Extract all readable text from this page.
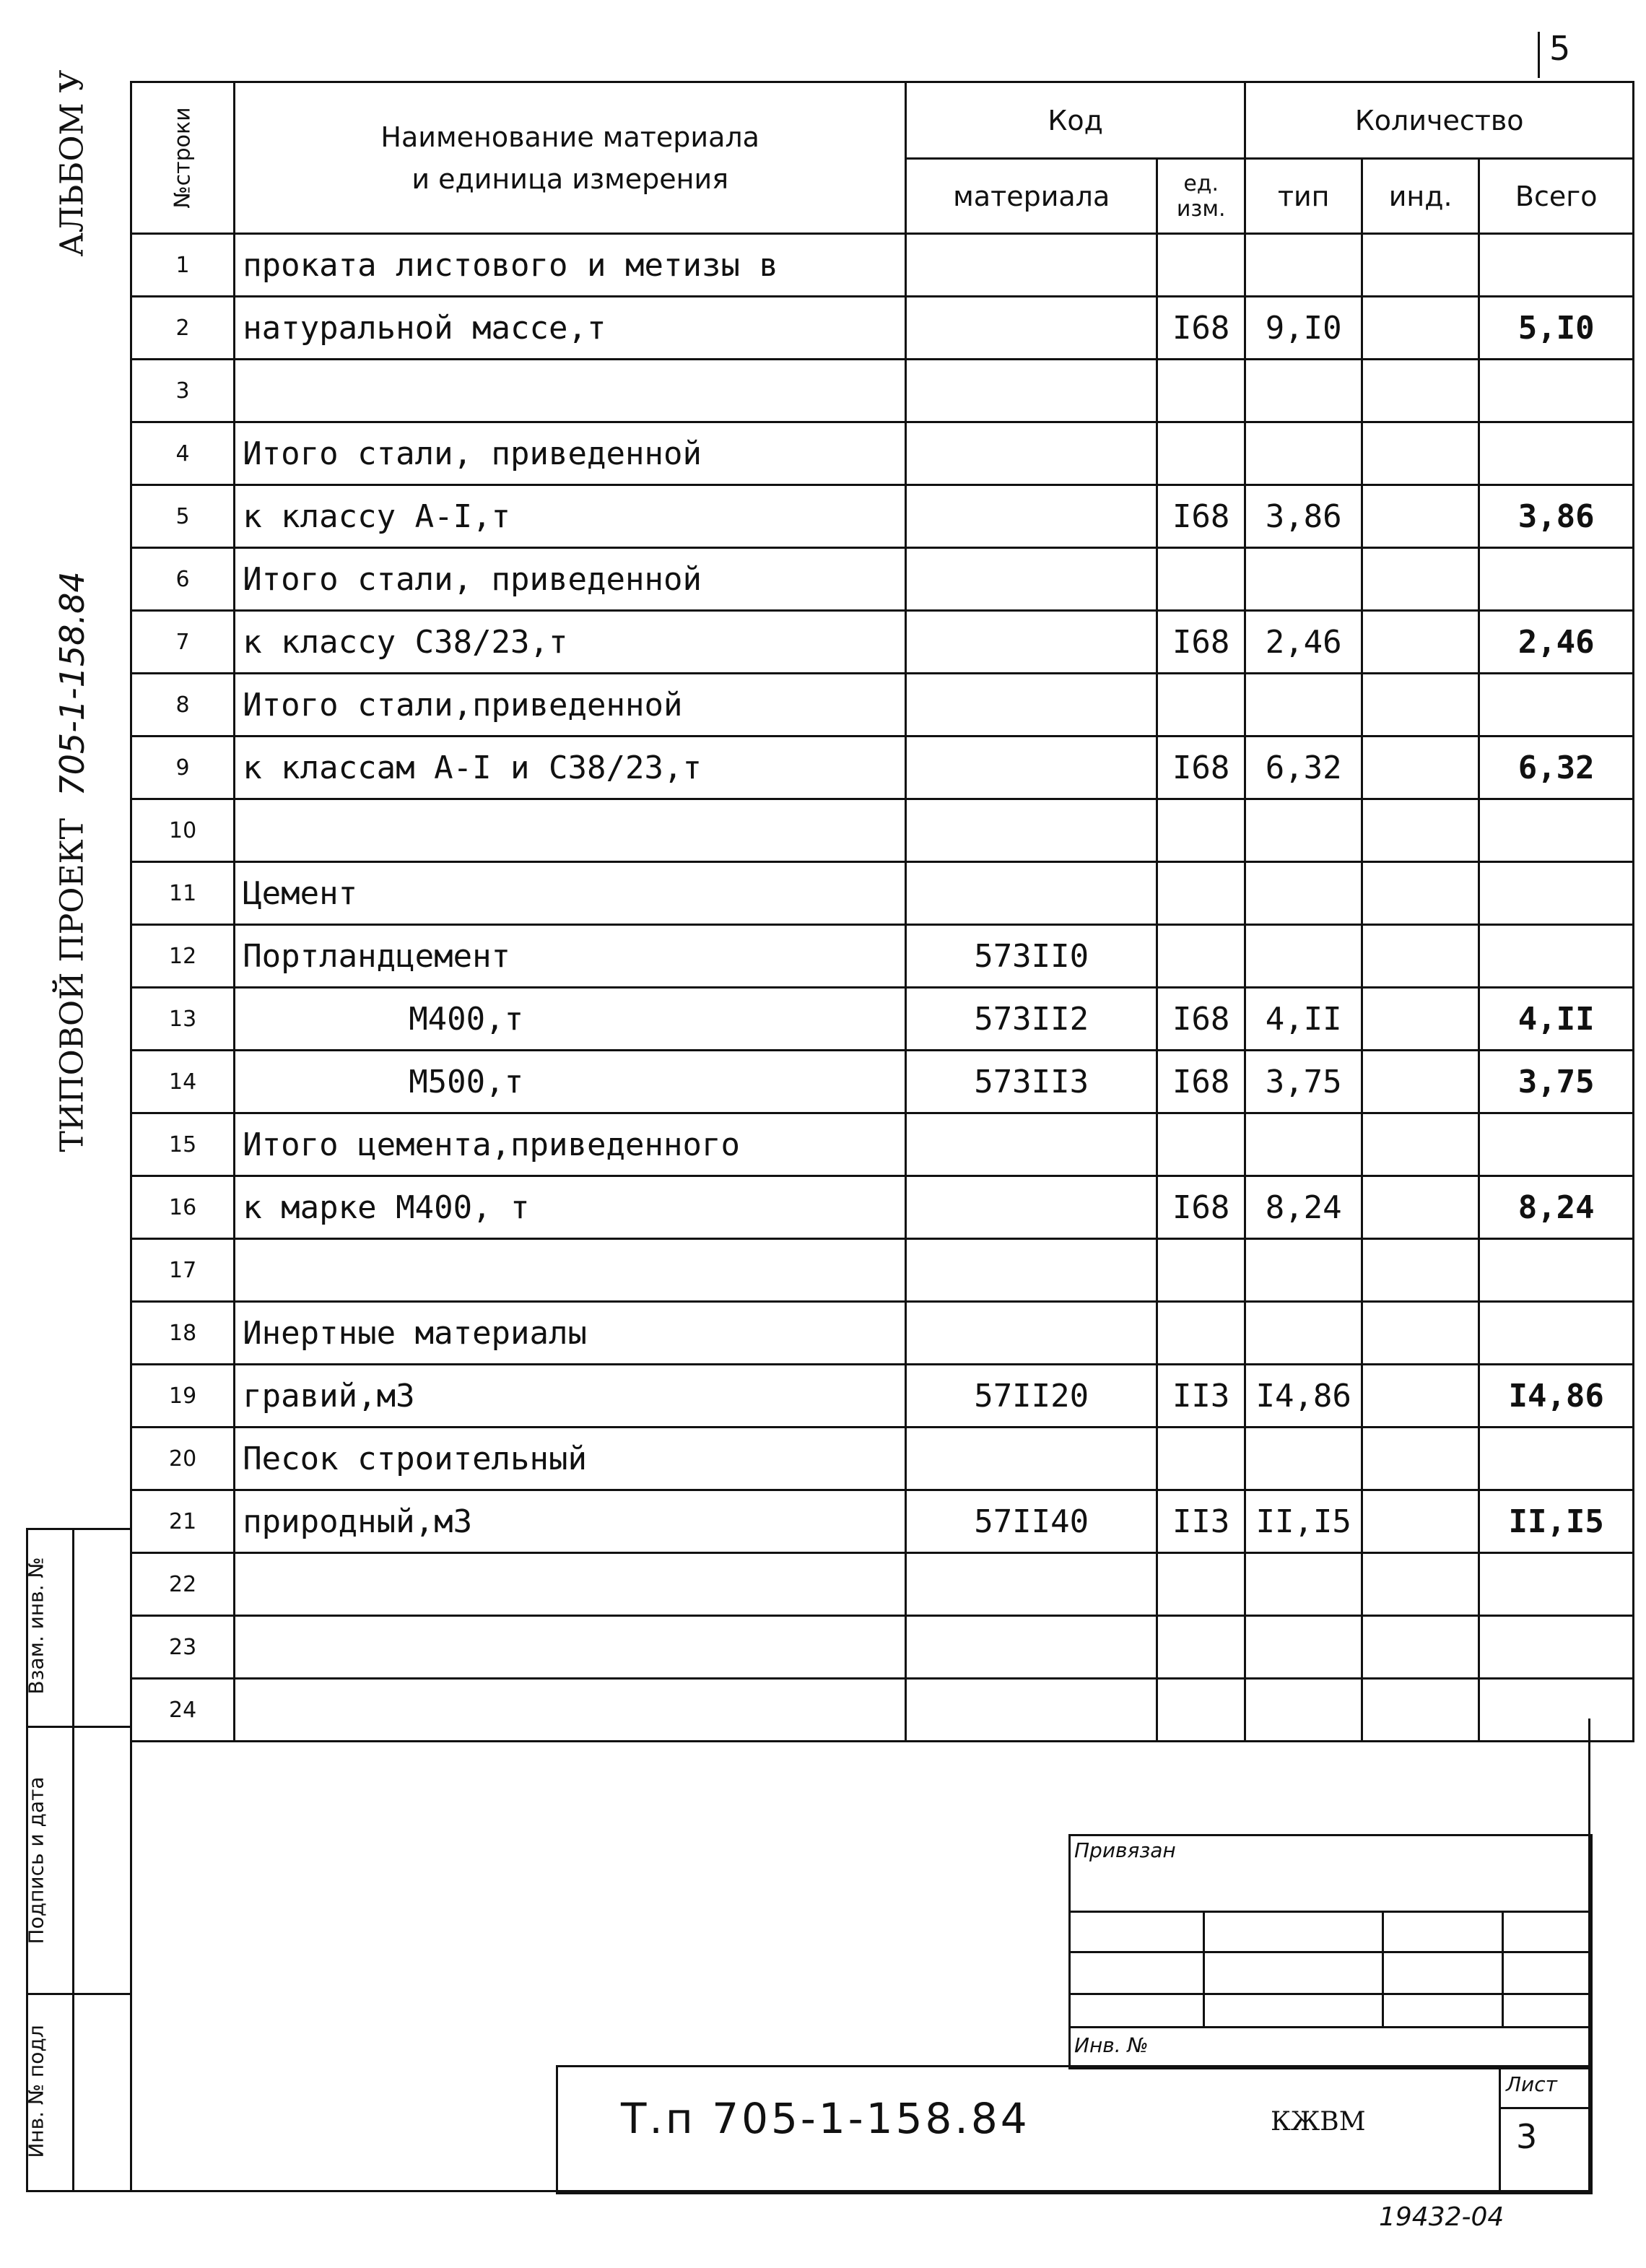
5
АЛЬБОМ У
705-1-158.84
ТИПОВОЙ ПРОЕКТ
Взам. инв. №
Подпись и дата
Инв. № подл
№строки	Наименование материала
и единица измерения	Код		Количество		
		материала	ед. изм.	тип	инд.	Всего
1	проката листового и метизы в					
2	натуральной массе,т		I68	9,I0		5,I0
3						
4	Итого стали, приведенной					
5	к классу A-I,т		I68	3,86		3,86
6	Итого стали, приведенной					
7	к классу С38/23,т		I68	2,46		2,46
8	Итого стали,приведенной					
9	к классам A-I и С38/23,т		I68	6,32		6,32
10						
11	Цемент					
12	Портландцемент	573II0				
13	М400,т	573II2	I68	4,II		4,II
14	М500,т	573II3	I68	3,75		3,75
15	Итого цемента,приведенного					
16	к марке М400, т		I68	8,24		8,24
17						
18	Инертные материалы					
19	гравий,м3	57II20	II3	I4,86		I4,86
20	Песок строительный					
21	природный,м3	57II40	II3	II,I5		II,I5
22						
23						
24						
Привязан
Инв. №
Т.п 705-1-158.84	КЖВМ
Лист
3
19432-04
